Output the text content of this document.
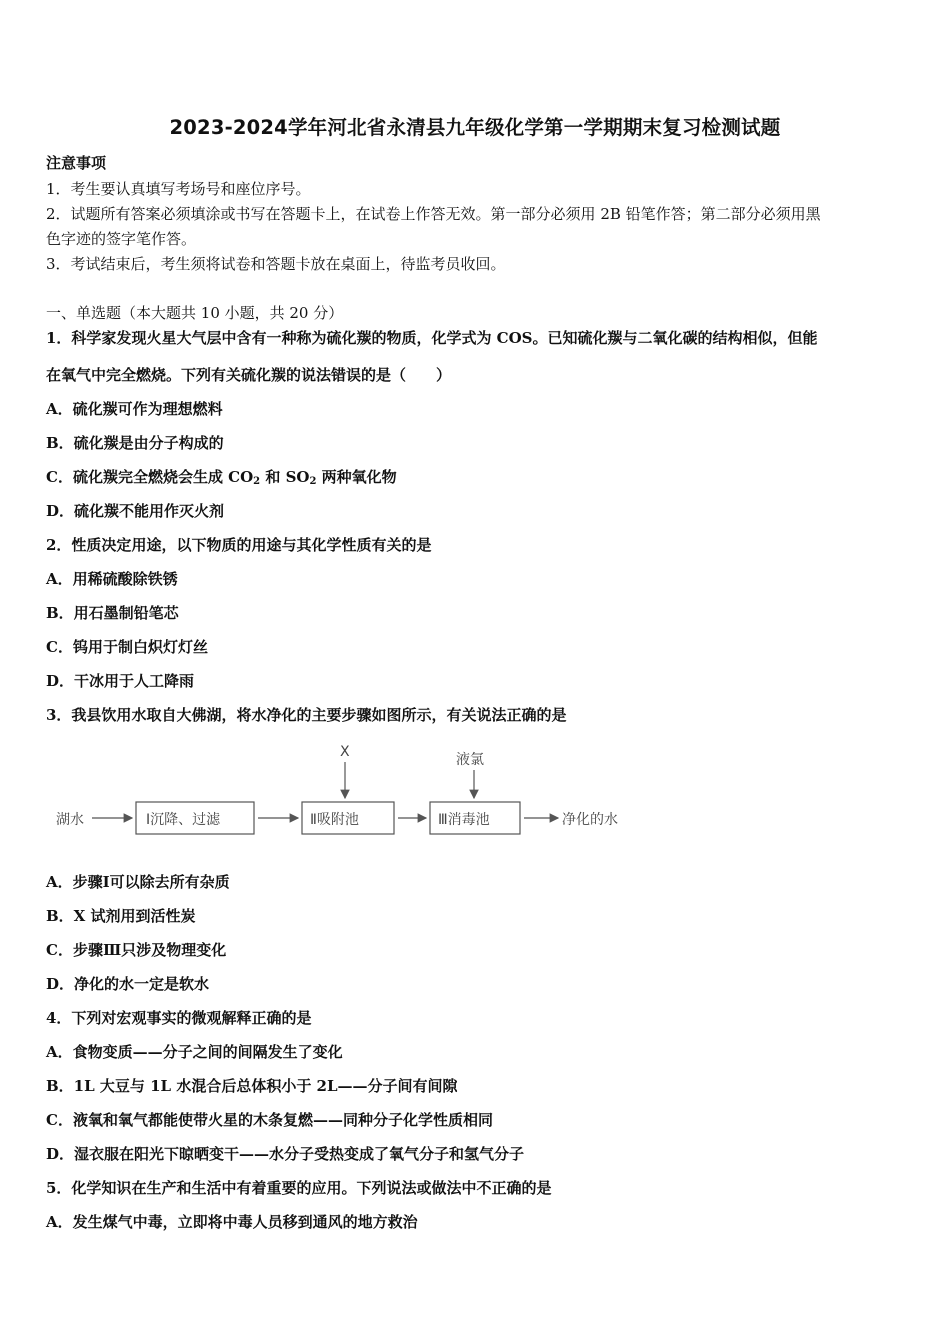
2023-2024学年河北省永清县九年级化学第一学期期末复习检测试题
注意事项
1．考生要认真填写考场号和座位序号。
2．试题所有答案必须填涂或书写在答题卡上，在试卷上作答无效。第一部分必须用 2B 铅笔作答；第二部分必须用黑
色字迹的签字笔作答。
3．考试结束后，考生须将试卷和答题卡放在桌面上，待监考员收回。
一、单选题（本大题共 10 小题，共 20 分）
1．科学家发现火星大气层中含有一种称为硫化羰的物质，化学式为 COS。已知硫化羰与二氧化碳的结构相似，但能
在氧气中完全燃烧。下列有关硫化羰的说法错误的是（　　）
A．硫化羰可作为理想燃料
B．硫化羰是由分子构成的
C．硫化羰完全燃烧会生成 $CO_2$ 和 $SO_2$ 两种氧化物
D．硫化羰不能用作灭火剂
2．性质决定用途，以下物质的用途与其化学性质有关的是
A．用稀硫酸除铁锈
B．用石墨制铅笔芯
C．钨用于制白炽灯灯丝
D．干冰用于人工降雨
3．我县饮用水取自大佛湖，将水净化的主要步骤如图所示，有关说法正确的是
湖水	Ⅰ沉降、过滤	Ⅱ吸附池	Ⅲ消毒池	净化的水
X	液氯
A．步骤Ⅰ可以除去所有杂质
B．X 试剂用到活性炭
C．步骤Ⅲ只涉及物理变化
D．净化的水一定是软水
4．下列对宏观事实的微观解释正确的是
A．食物变质——分子之间的间隔发生了变化
B．1L 大豆与 1L 水混合后总体积小于 2L——分子间有间隙
C．液氧和氧气都能使带火星的木条复燃——同种分子化学性质相同
D．湿衣服在阳光下晾晒变干——水分子受热变成了氧气分子和氢气分子
5．化学知识在生产和生活中有着重要的应用。下列说法或做法中不正确的是
A．发生煤气中毒，立即将中毒人员移到通风的地方救治
